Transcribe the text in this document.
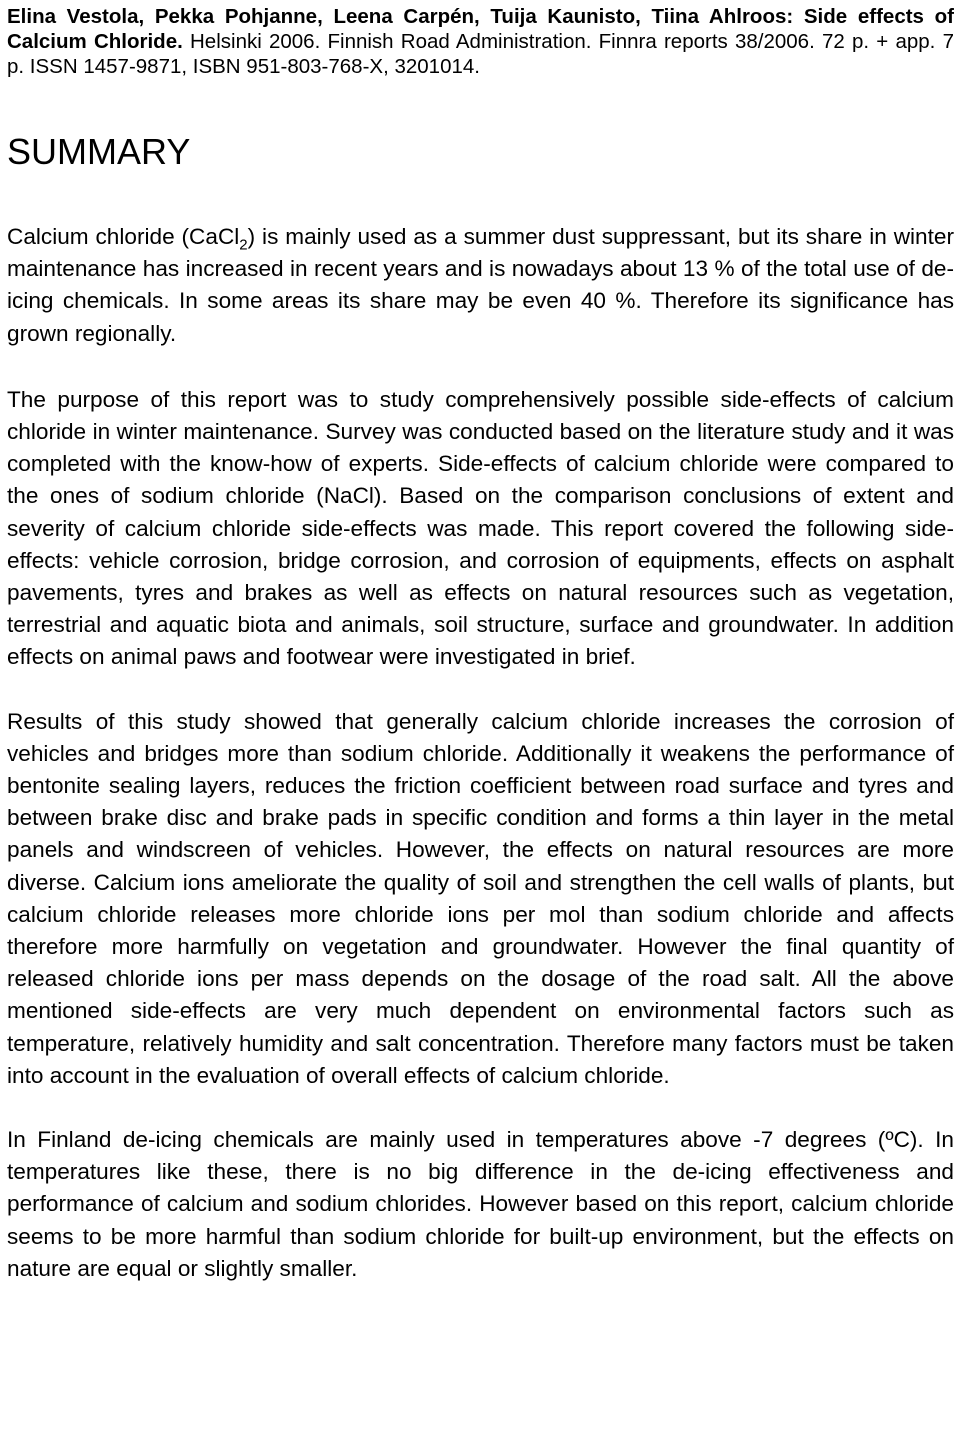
Elina Vestola, Pekka Pohjanne, Leena Carpén, Tuija Kaunisto, Tiina Ahlroos: Side effects of Calcium Chloride. Helsinki 2006. Finnish Road Administration. Finnra reports 38/2006. 72 p. + app. 7 p. ISSN 1457-9871, ISBN 951-803-768-X, 3201014.

SUMMARY

Calcium chloride (CaCl$_2$) is mainly used as a summer dust suppressant, but its share in winter maintenance has increased in recent years and is nowadays about 13 % of the total use of de-icing chemicals. In some areas its share may be even 40 %. Therefore its significance has grown regionally.

The purpose of this report was to study comprehensively possible side-effects of calcium chloride in winter maintenance. Survey was conducted based on the literature study and it was completed with the know-how of experts. Side-effects of calcium chloride were compared to the ones of sodium chloride (NaCl). Based on the comparison conclusions of extent and severity of calcium chloride side-effects was made. This report covered the following side-effects: vehicle corrosion, bridge corrosion, and corrosion of equipments, effects on asphalt pavements, tyres and brakes as well as effects on natural resources such as vegetation, terrestrial and aquatic biota and animals, soil structure, surface and groundwater. In addition effects on animal paws and footwear were investigated in brief.

Results of this study showed that generally calcium chloride increases the corrosion of vehicles and bridges more than sodium chloride. Additionally it weakens the performance of bentonite sealing layers, reduces the friction coefficient between road surface and tyres and between brake disc and brake pads in specific condition and forms a thin layer in the metal panels and windscreen of vehicles. However, the effects on natural resources are more diverse. Calcium ions ameliorate the quality of soil and strengthen the cell walls of plants, but calcium chloride releases more chloride ions per mol than sodium chloride and affects therefore more harmfully on vegetation and groundwater. However the final quantity of released chloride ions per mass depends on the dosage of the road salt. All the above mentioned side-effects are very much dependent on environmental factors such as temperature, relatively humidity and salt concentration. Therefore many factors must be taken into account in the evaluation of overall effects of calcium chloride.

In Finland de-icing chemicals are mainly used in temperatures above -7 degrees (ºC). In temperatures like these, there is no big difference in the de-icing effectiveness and performance of calcium and sodium chlorides. However based on this report, calcium chloride seems to be more harmful than sodium chloride for built-up environment, but the effects on nature are equal or slightly smaller.
